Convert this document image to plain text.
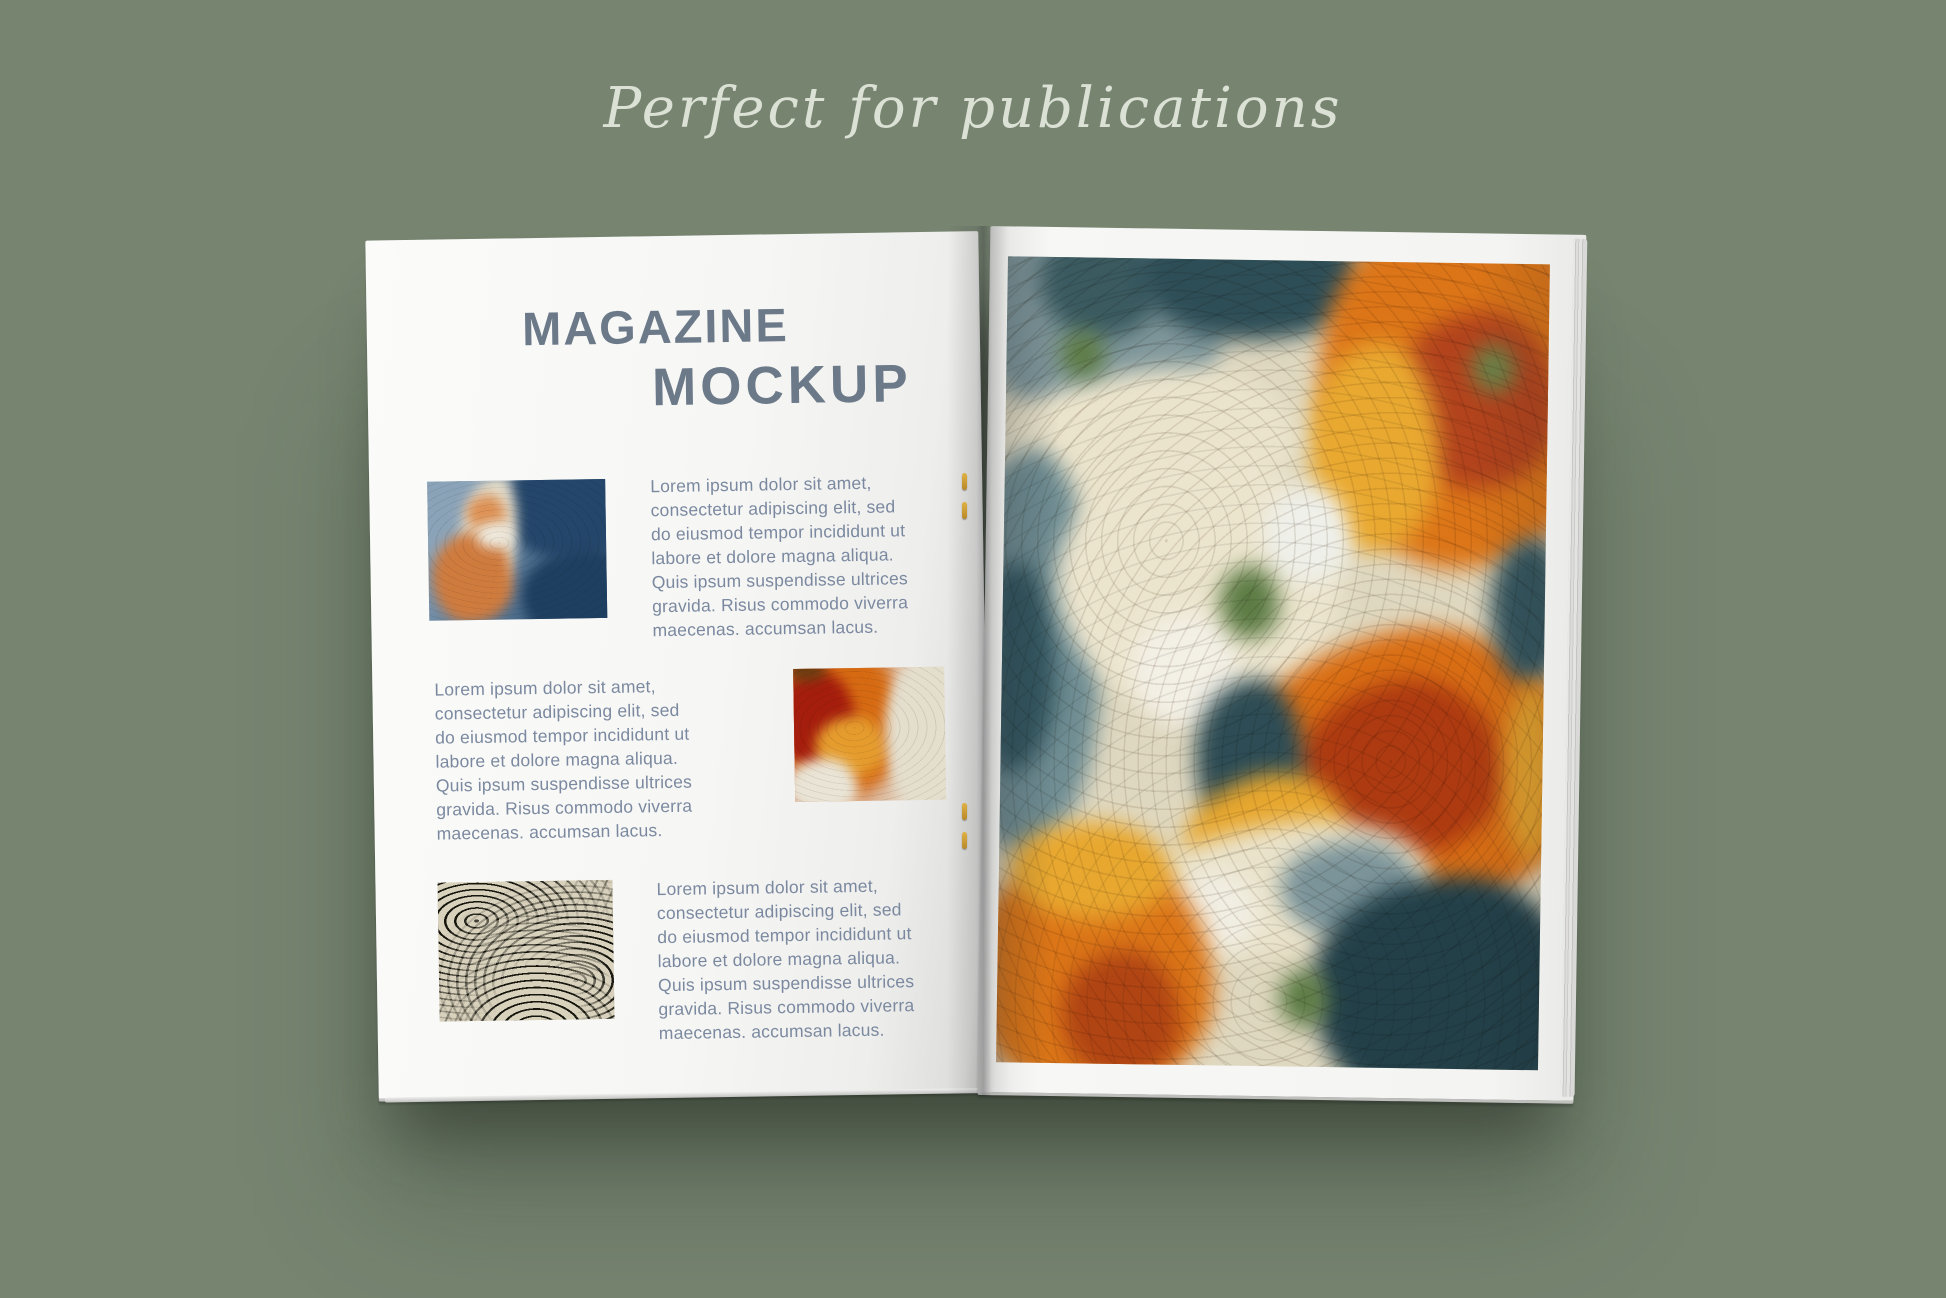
Perfect for publications
MAGAZINE
MOCKUP
Lorem ipsum dolor sit amet,
consectetur adipiscing elit, sed
do eiusmod tempor incididunt ut
labore et dolore magna aliqua.
Quis ipsum suspendisse ultrices
gravida. Risus commodo viverra
maecenas. accumsan lacus.
Lorem ipsum dolor sit amet,
consectetur adipiscing elit, sed
do eiusmod tempor incididunt ut
labore et dolore magna aliqua.
Quis ipsum suspendisse ultrices
gravida. Risus commodo viverra
maecenas. accumsan lacus.
Lorem ipsum dolor sit amet,
consectetur adipiscing elit, sed
do eiusmod tempor incididunt ut
labore et dolore magna aliqua.
Quis ipsum suspendisse ultrices
gravida. Risus commodo viverra
maecenas. accumsan lacus.
